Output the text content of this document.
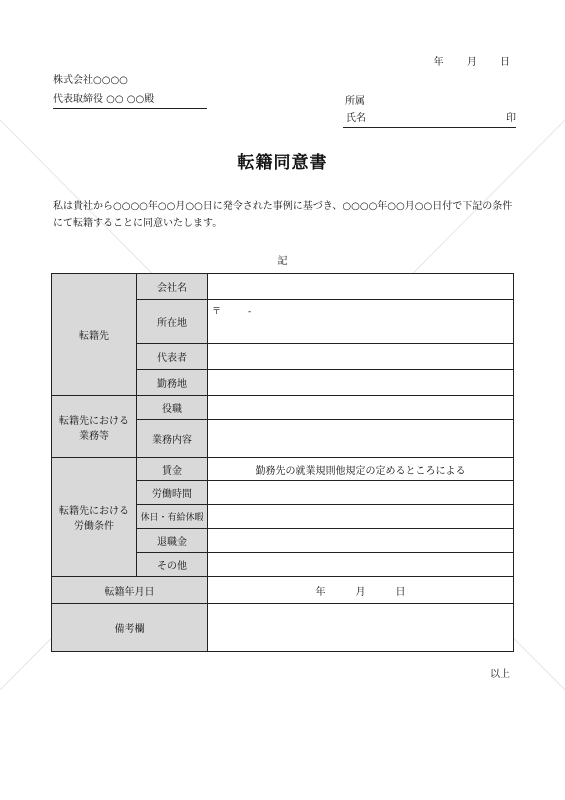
年 月 日
株式会社○○○○
代表取締役 ○○ ○○殿	所属
氏名	印
転籍同意書
私は貴社から○○○○年○○月○○日に発令された事例に基づき、○○○○年○○月○○日付で下記の条件にて転籍することに同意いたします。
記
転籍先	会社名	
	所在地	〒　　　-
	代表者	
	勤務地	
転籍先における業務等	役職	
	業務内容	
転籍先における労働条件	賃金	勤務先の就業規則他規定の定めるところによる
	労働時間	
	休日・有給休暇	
	退職金	
	その他	
転籍年月日		年　　　月　　　日
備考欄		
以上
